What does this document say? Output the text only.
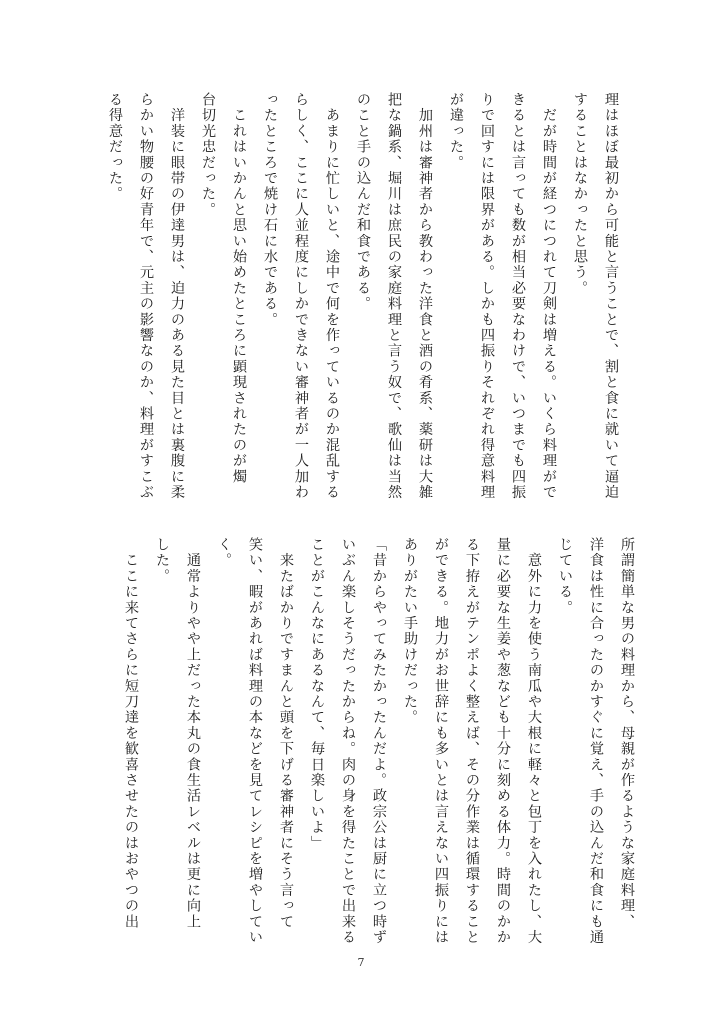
理はほぼ最初から可能と言うことで、割と食に就いて逼迫
することはなかったと思う。
　だが時間が経つにつれて刀剣は増える。いくら料理がで
きるとは言っても数が相当必要なわけで、いつまでも四振
りで回すには限界がある。しかも四振りそれぞれ得意料理
が違った。
　加州は審神者から教わった洋食と酒の肴系、薬研は大雑
把な鍋系、堀川は庶民の家庭料理と言う奴で、歌仙は当然
のこと手の込んだ和食である。
　あまりに忙しいと、途中で何を作っているのか混乱する
らしく、ここに人並程度にしかできない審神者が一人加わ
ったところで焼け石に水である。
　これはいかんと思い始めたところに顕現されたのが燭
台切光忠だった。
　洋装に眼帯の伊達男は、迫力のある見た目とは裏腹に柔
らかい物腰の好青年で、元主の影響なのか、料理がすこぶ
る得意だった。
所謂簡単な男の料理から、母親が作るような家庭料理、
洋食は性に合ったのかすぐに覚え、手の込んだ和食にも通
じている。
　意外に力を使う南瓜や大根に軽々と包丁を入れたし、大
量に必要な生姜や葱なども十分に刻める体力。時間のかか
る下拵えがテンポよく整えば、その分作業は循環すること
ができる。地力がお世辞にも多いとは言えない四振りには
ありがたい手助けだった。
「昔からやってみたかったんだよ。政宗公は厨に立つ時ず
いぶん楽しそうだったからね。肉の身を得たことで出来る
ことがこんなにあるなんて、毎日楽しいよ」
　来たばかりですまんと頭を下げる審神者にそう言って
笑い、暇があれば料理の本などを見てレシピを増やしてい
く。
　通常よりやや上だった本丸の食生活レベルは更に向上
した。
　ここに来てさらに短刀達を歓喜させたのはおやつの出
7
